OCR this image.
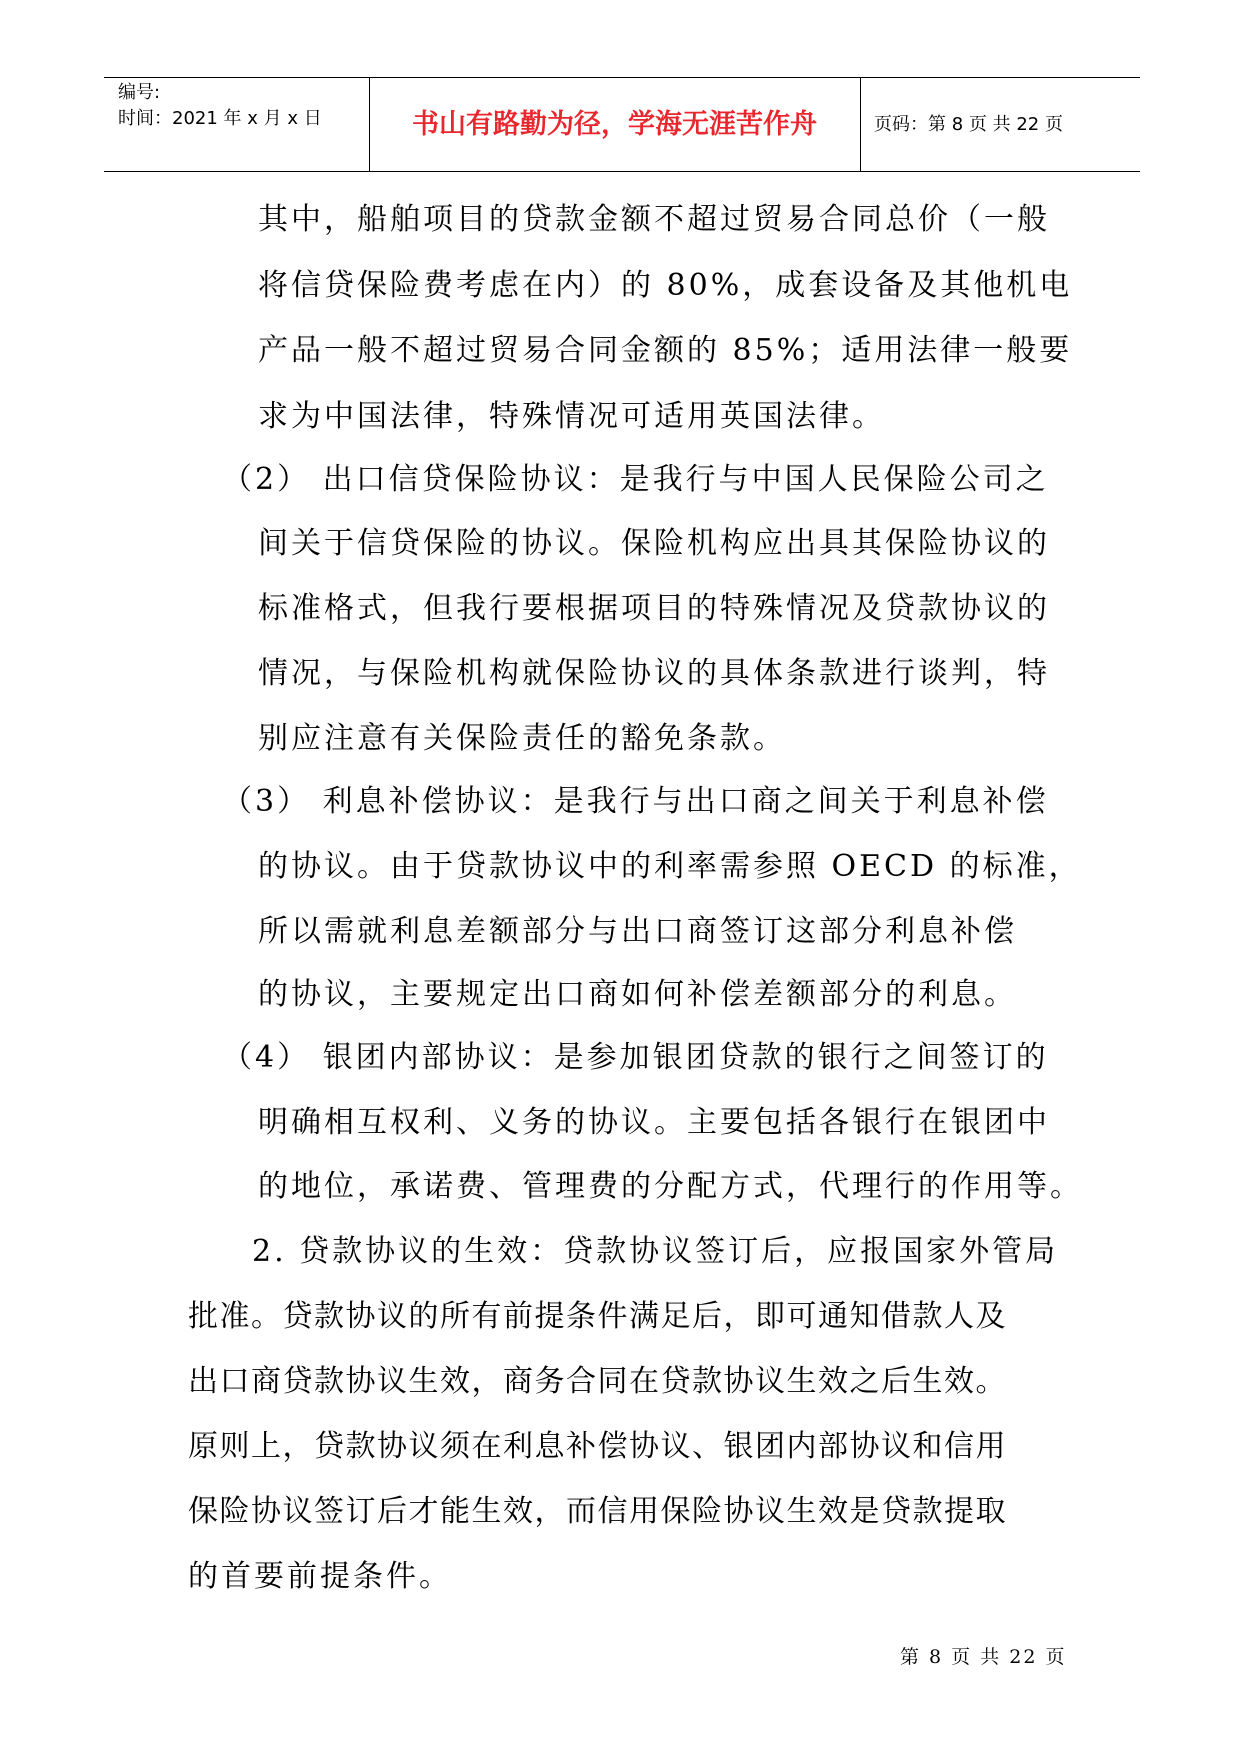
编号:
时间：2021 年 x 月 x 日	书山有路勤为径，学海无涯苦作舟	页码：第 8 页 共 22 页
其中，船舶项目的贷款金额不超过贸易合同总价（一般
将信贷保险费考虑在内）的 80%，成套设备及其他机电
产品一般不超过贸易合同金额的 85%；适用法律一般要
求为中国法律，特殊情况可适用英国法律。
（2） 出口信贷保险协议：是我行与中国人民保险公司之
间关于信贷保险的协议。保险机构应出具其保险协议的
标准格式，但我行要根据项目的特殊情况及贷款协议的
情况，与保险机构就保险协议的具体条款进行谈判，特
别应注意有关保险责任的豁免条款。
（3） 利息补偿协议：是我行与出口商之间关于利息补偿
的协议。由于贷款协议中的利率需参照 OECD 的标准，
所以需就利息差额部分与出口商签订这部分利息补偿
的协议，主要规定出口商如何补偿差额部分的利息。
（4） 银团内部协议：是参加银团贷款的银行之间签订的
明确相互权利、义务的协议。主要包括各银行在银团中
的地位，承诺费、管理费的分配方式，代理行的作用等。
2. 贷款协议的生效：贷款协议签订后，应报国家外管局
批准。贷款协议的所有前提条件满足后，即可通知借款人及
出口商贷款协议生效，商务合同在贷款协议生效之后生效。
原则上，贷款协议须在利息补偿协议、银团内部协议和信用
保险协议签订后才能生效，而信用保险协议生效是贷款提取
的首要前提条件。
第 8 页 共 22 页
